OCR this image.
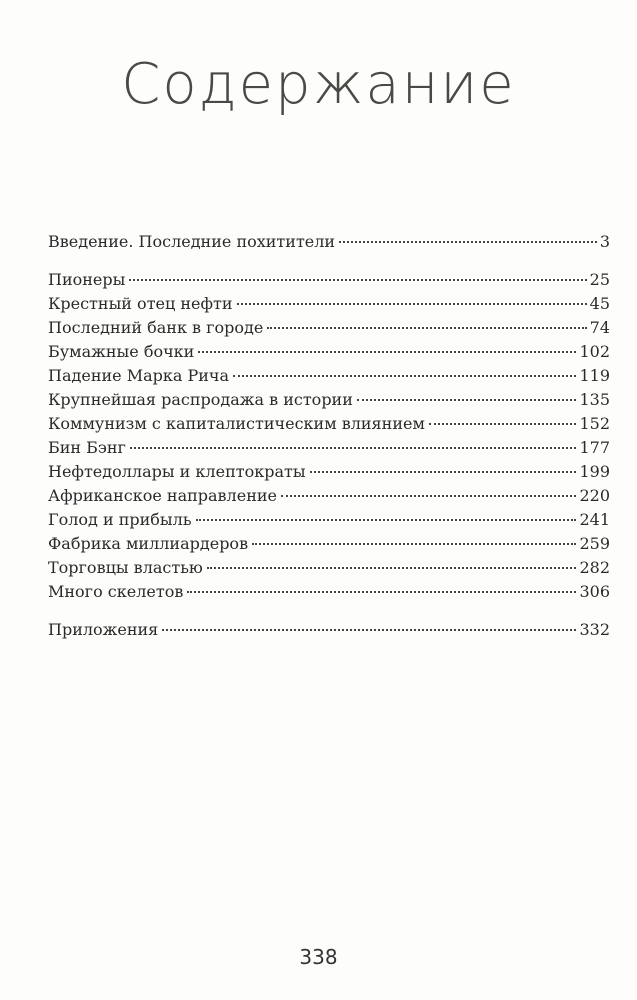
Содержание
Введение. Последние похитители	3
Пионеры	25
Крестный отец нефти	45
Последний банк в городе	74
Бумажные бочки	102
Падение Марка Рича	119
Крупнейшая распродажа в истории	135
Коммунизм с капиталистическим влиянием	152
Бин Бэнг	177
Нефтедоллары и клептократы	199
Африканское направление	220
Голод и прибыль	241
Фабрика миллиардеров	259
Торговцы властью	282
Много скелетов	306
Приложения	332
338
